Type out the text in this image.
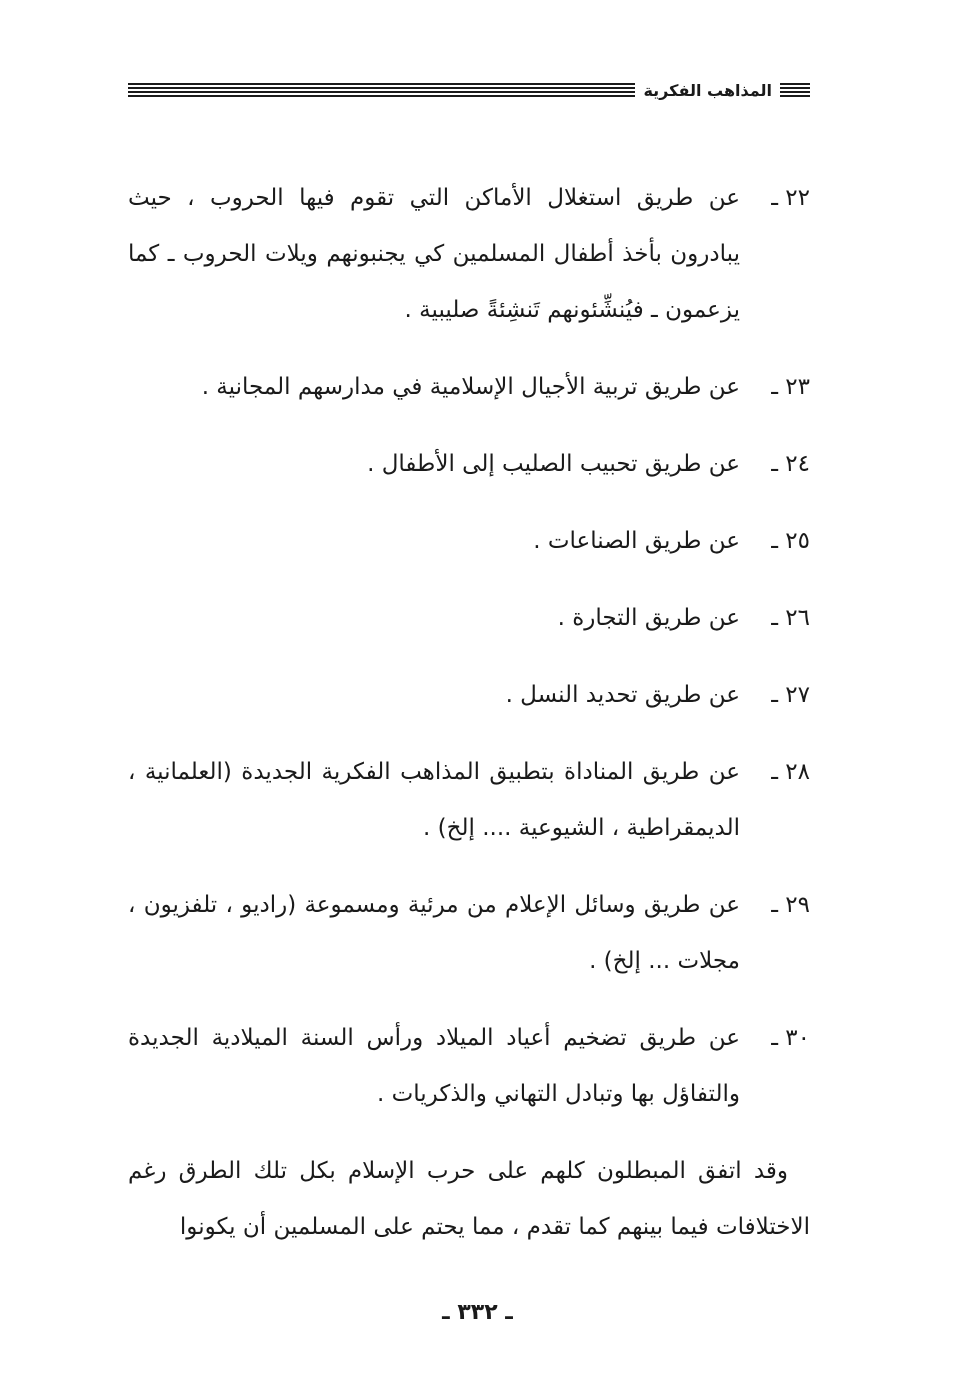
المذاهب الفكرية
٢٢ ـ
عن طريق استغلال الأماكن التي تقوم فيها الحروب ، حيث يبادرون بأخذ أطفال المسلمين كي يجنبونهم ويلات الحروب ـ كما يزعمون ـ فيُنشِّئونهم تَنشِئةً صليبية .
٢٣ ـ
عن طريق تربية الأجيال الإسلامية في مدارسهم المجانية .
٢٤ ـ
عن طريق تحبيب الصليب إلى الأطفال .
٢٥ ـ
عن طريق الصناعات .
٢٦ ـ
عن طريق التجارة .
٢٧ ـ
عن طريق تحديد النسل .
٢٨ ـ
عن طريق المناداة بتطبيق المذاهب الفكرية الجديدة (العلمانية ، الديمقراطية ، الشيوعية .... إلخ) .
٢٩ ـ
عن طريق وسائل الإعلام من مرئية ومسموعة (راديو ، تلفزيون ، مجلات ... إلخ) .
٣٠ ـ
عن طريق تضخيم أعياد الميلاد ورأس السنة الميلادية الجديدة والتفاؤل بها وتبادل التهاني والذكريات .
وقد اتفق المبطلون كلهم على حرب الإسلام بكل تلك الطرق رغم الاختلافات فيما بينهم كما تقدم ، مما يحتم على المسلمين أن يكونوا
ـ ٣٣٢ ـ
